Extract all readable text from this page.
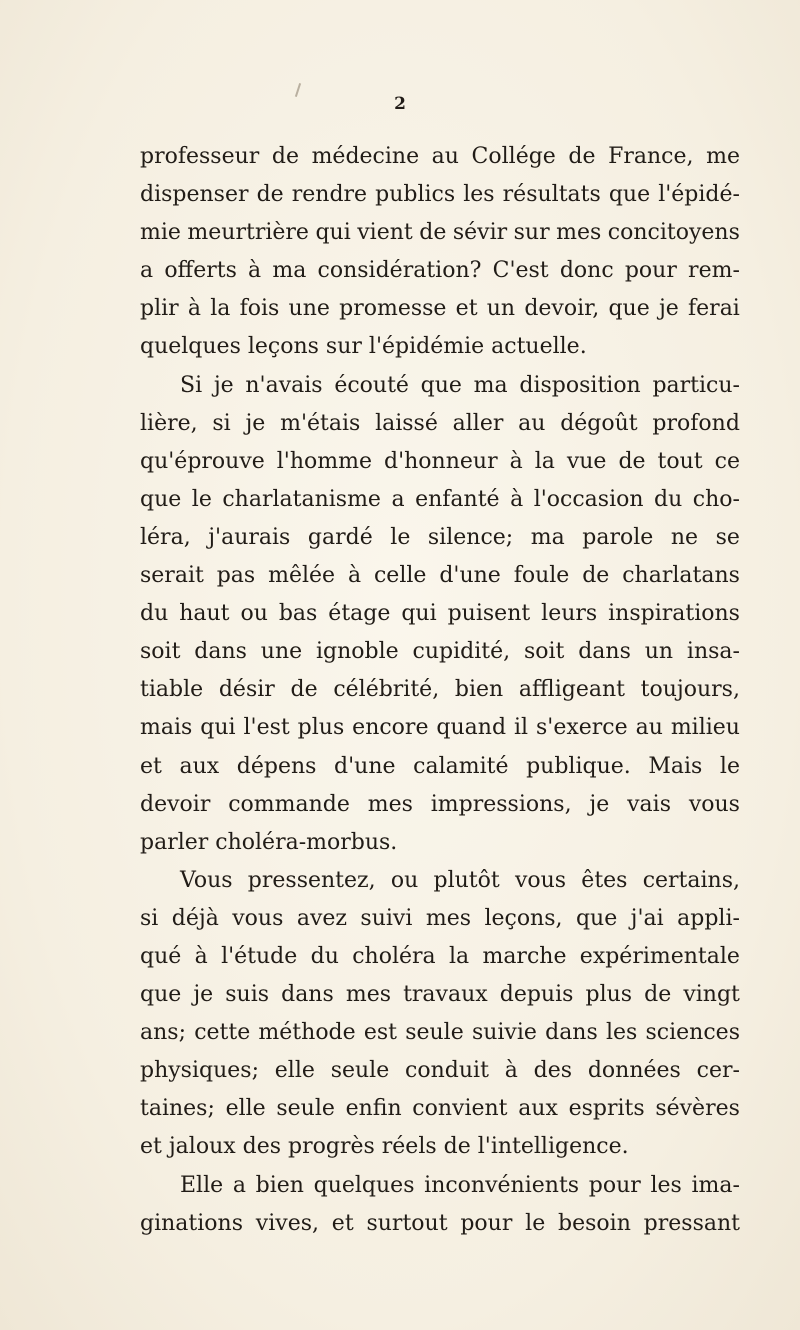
2
professeur de médecine au Collége de France, me
dispenser de rendre publics les résultats que l'épidé-
mie meurtrière qui vient de sévir sur mes concitoyens
a offerts à ma considération? C'est donc pour rem-
plir à la fois une promesse et un devoir, que je ferai
quelques leçons sur l'épidémie actuelle.
Si je n'avais écouté que ma disposition particu-
lière, si je m'étais laissé aller au dégoût profond
qu'éprouve l'homme d'honneur à la vue de tout ce
que le charlatanisme a enfanté à l'occasion du cho-
léra, j'aurais gardé le silence; ma parole ne se
serait pas mêlée à celle d'une foule de charlatans
du haut ou bas étage qui puisent leurs inspirations
soit dans une ignoble cupidité, soit dans un insa-
tiable désir de célébrité, bien affligeant toujours,
mais qui l'est plus encore quand il s'exerce au milieu
et aux dépens d'une calamité publique. Mais le
devoir commande mes impressions, je vais vous
parler choléra-morbus.
Vous pressentez, ou plutôt vous êtes certains,
si déjà vous avez suivi mes leçons, que j'ai appli-
qué à l'étude du choléra la marche expérimentale
que je suis dans mes travaux depuis plus de vingt
ans; cette méthode est seule suivie dans les sciences
physiques; elle seule conduit à des données cer-
taines; elle seule enfin convient aux esprits sévères
et jaloux des progrès réels de l'intelligence.
Elle a bien quelques inconvénients pour les ima-
ginations vives, et surtout pour le besoin pressant
